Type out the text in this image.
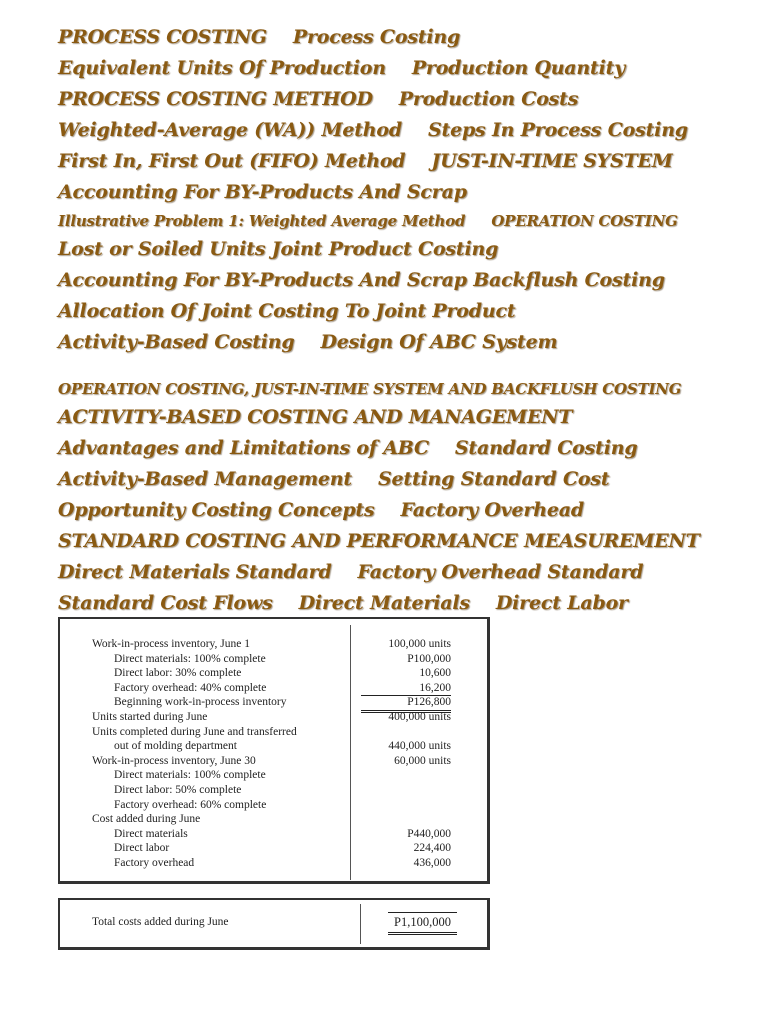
PROCESS COSTING Process Costing
Equivalent Units Of Production Production Quantity
PROCESS COSTING METHOD Production Costs
Weighted-Average (WA)) Method Steps In Process Costing
First In, First Out (FIFO) Method JUST-IN-TIME SYSTEM
Accounting For BY-Products And Scrap
Illustrative Problem 1: Weighted Average Method OPERATION COSTING
Lost or Soiled Units Joint Product Costing
Accounting For BY-Products And Scrap Backflush Costing
Allocation Of Joint Costing To Joint Product
Activity-Based Costing Design Of ABC System
OPERATION COSTING, JUST-IN-TIME SYSTEM AND BACKFLUSH COSTING
ACTIVITY-BASED COSTING AND MANAGEMENT
Advantages and Limitations of ABC Standard Costing
Activity-Based Management Setting Standard Cost
Opportunity Costing Concepts Factory Overhead
STANDARD COSTING AND PERFORMANCE MEASUREMENT
Direct Materials Standard Factory Overhead Standard
Standard Cost Flows Direct Materials Direct Labor
Work-in-process inventory, June 1	100,000 units
Direct materials: 100% complete	P100,000
Direct labor: 30% complete	10,600
Factory overhead: 40% complete	16,200
Beginning work-in-process inventory	P126,800
Units started during June	400,000 units
Units completed during June and transferred
out of molding department	440,000 units
Work-in-process inventory, June 30	60,000 units
Direct materials: 100% complete
Direct labor: 50% complete
Factory overhead: 60% complete
Cost added during June
Direct materials	P440,000
Direct labor	224,400
Factory overhead	436,000
Total costs added during June	P1,100,000
